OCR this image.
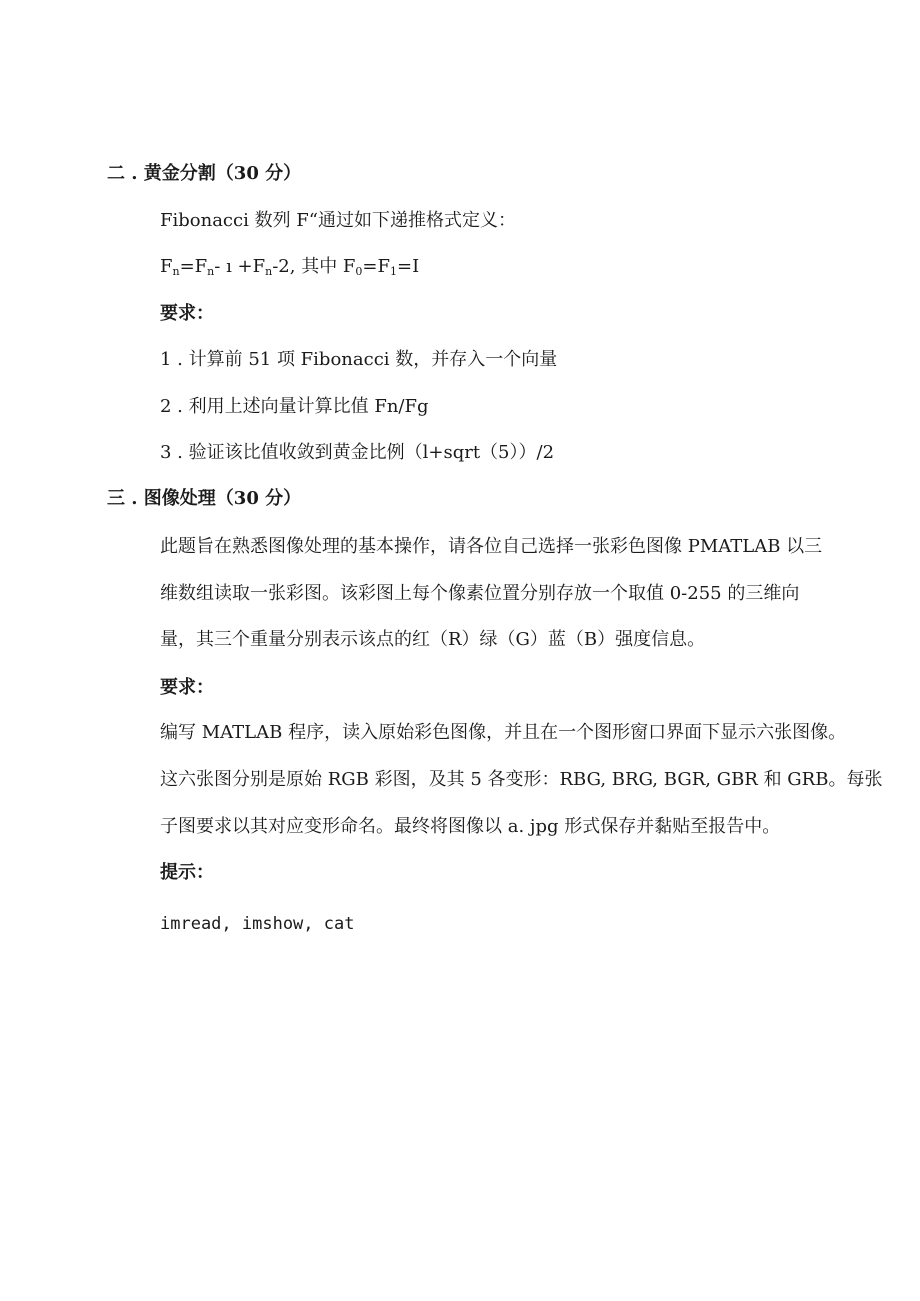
二 . 黄金分割（30 分）
Fibonacci 数列 F“通过如下递推格式定义：
$F_n=F_n-$ ı $+F_n-2$, 其中 $F_0=F_1=I$
要求：
1 . 计算前 51 项 Fibonacci 数，并存入一个向量
2 . 利用上述向量计算比值 Fn/Fg
3 . 验证该比值收敛到黄金比例（l+sqrt（5））/2
三 . 图像处理（30 分）
此题旨在熟悉图像处理的基本操作，请各位自己选择一张彩色图像 PMATLAB 以三
维数组读取一张彩图。该彩图上每个像素位置分别存放一个取值 0-255 的三维向
量，其三个重量分别表示该点的红（R）绿（G）蓝（B）强度信息。
要求：
编写 MATLAB 程序，读入原始彩色图像，并且在一个图形窗口界面下显示六张图像。
这六张图分别是原始 RGB 彩图，及其 5 各变形：RBG, BRG, BGR, GBR 和 GRB。每张
子图要求以其对应变形命名。最终将图像以 a. jpg 形式保存并黏贴至报告中。
提示：
imread, imshow, cat
